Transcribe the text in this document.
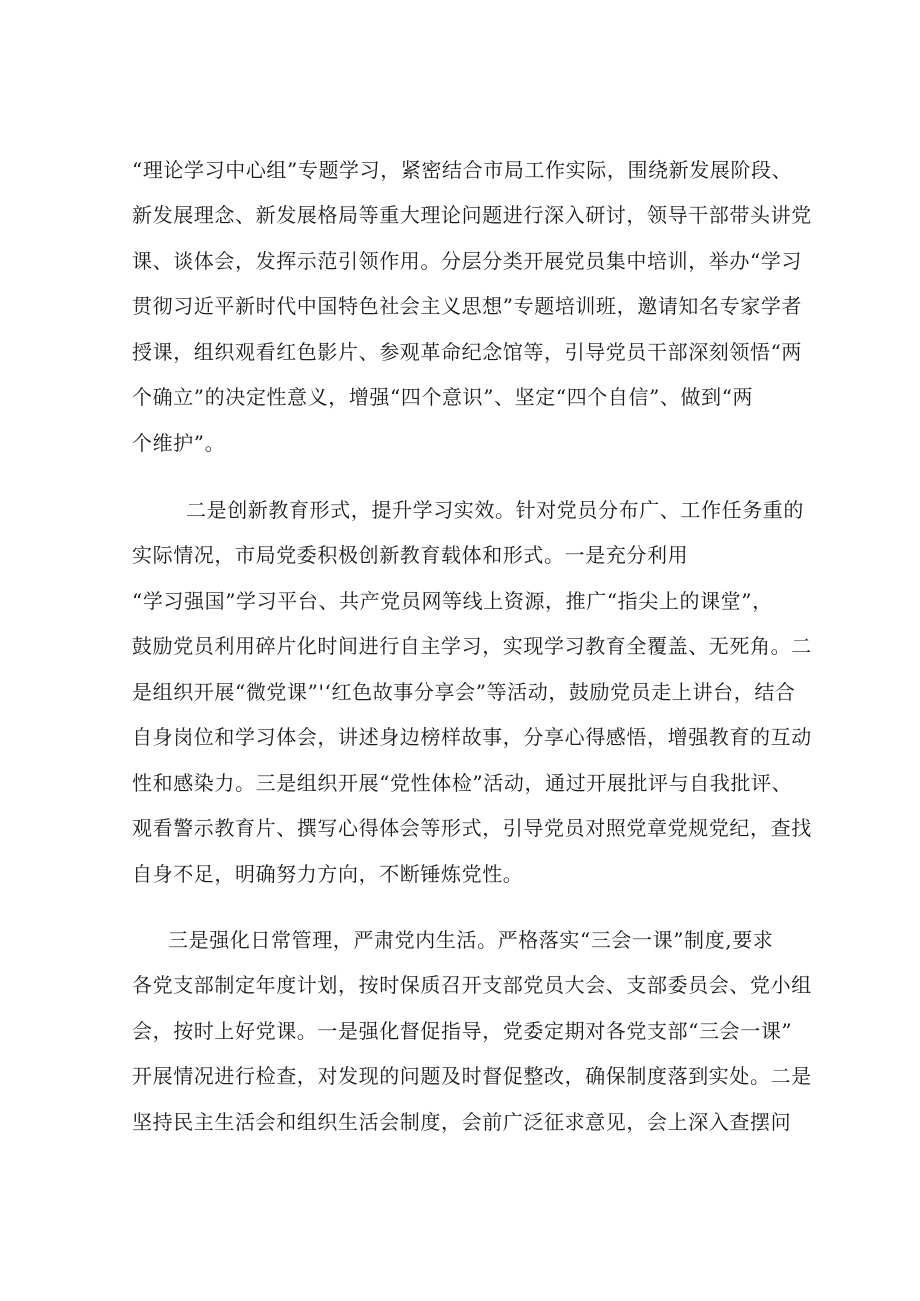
“理论学习中心组”专题学习，紧密结合市局工作实际，围绕新发展阶段、
新发展理念、新发展格局等重大理论问题进行深入研讨，领导干部带头讲党
课、谈体会，发挥示范引领作用。分层分类开展党员集中培训，举办“学习
贯彻习近平新时代中国特色社会主义思想”专题培训班，邀请知名专家学者
授课，组织观看红色影片、参观革命纪念馆等，引导党员干部深刻领悟“两
个确立”的决定性意义，增强“四个意识”、坚定“四个自信”、做到“两
个维护”。
二是创新教育形式，提升学习实效。针对党员分布广、工作任务重的
实际情况，市局党委积极创新教育载体和形式。一是充分利用
“学习强国”学习平台、共产党员网等线上资源，推广“指尖上的课堂”，
鼓励党员利用碎片化时间进行自主学习，实现学习教育全覆盖、无死角。二
是组织开展“微党课”'‘红色故事分享会”等活动，鼓励党员走上讲台，结合
自身岗位和学习体会，讲述身边榜样故事，分享心得感悟，增强教育的互动
性和感染力。三是组织开展“党性体检”活动，通过开展批评与自我批评、
观看警示教育片、撰写心得体会等形式，引导党员对照党章党规党纪，查找
自身不足，明确努力方向，不断锤炼党性。
三是强化日常管理，严肃党内生活。严格落实“三会一课”制度,要求
各党支部制定年度计划，按时保质召开支部党员大会、支部委员会、党小组
会，按时上好党课。一是强化督促指导，党委定期对各党支部“三会一课”
开展情况进行检查，对发现的问题及时督促整改，确保制度落到实处。二是
坚持民主生活会和组织生活会制度，会前广泛征求意见，会上深入查摆问
